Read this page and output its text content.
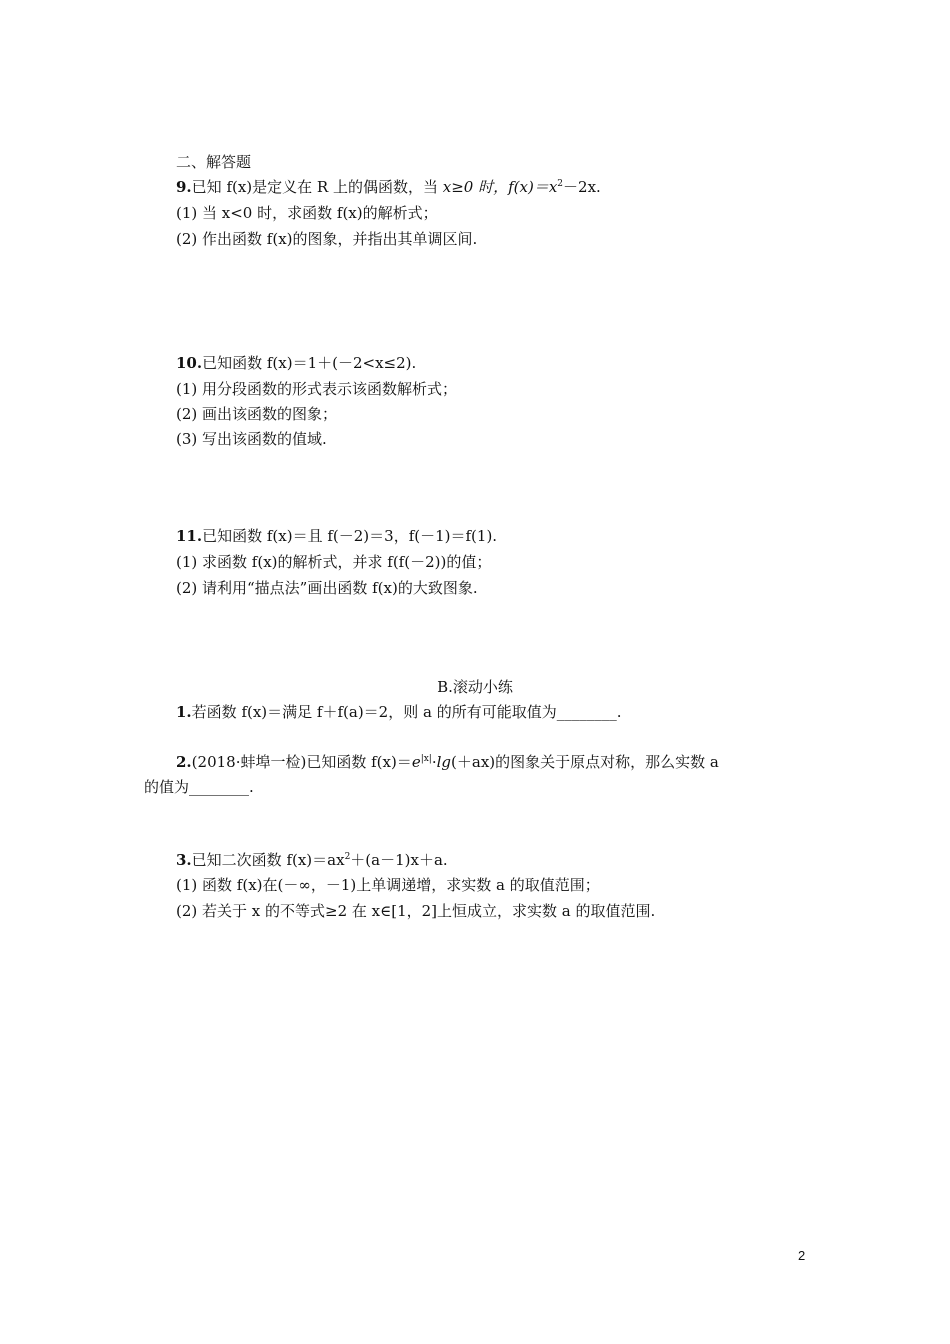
二、解答题
9.已知 f(x)是定义在 R 上的偶函数，当 x≥0 时，$f(x)=x^2-2x$.
(1) 当 x<0 时，求函数 f(x)的解析式；
(2) 作出函数 f(x)的图象，并指出其单调区间.
10.已知函数 f(x)＝1＋(－2<x≤2).
(1) 用分段函数的形式表示该函数解析式；
(2) 画出该函数的图象；
(3) 写出该函数的值域.
11.已知函数 f(x)＝且 f(－2)＝3，f(－1)＝f(1).
(1) 求函数 f(x)的解析式，并求 f(f(－2))的值；
(2) 请利用“描点法”画出函数 f(x)的大致图象.
B.滚动小练
1.若函数 f(x)＝满足 f＋f(a)＝2，则 a 的所有可能取值为________.
2.(2018·蚌埠一检)已知函数 $f(x)=e^{|x|}\cdot\lg(+ax)$的图象关于原点对称，那么实数 a
的值为________.
3.已知二次函数 $f(x)=ax^2+(a-1)x+a$.
(1) 函数 f(x)在(－∞，－1)上单调递增，求实数 a 的取值范围；
(2) 若关于 x 的不等式≥2 在 x∈[1，2]上恒成立，求实数 a 的取值范围.
2
